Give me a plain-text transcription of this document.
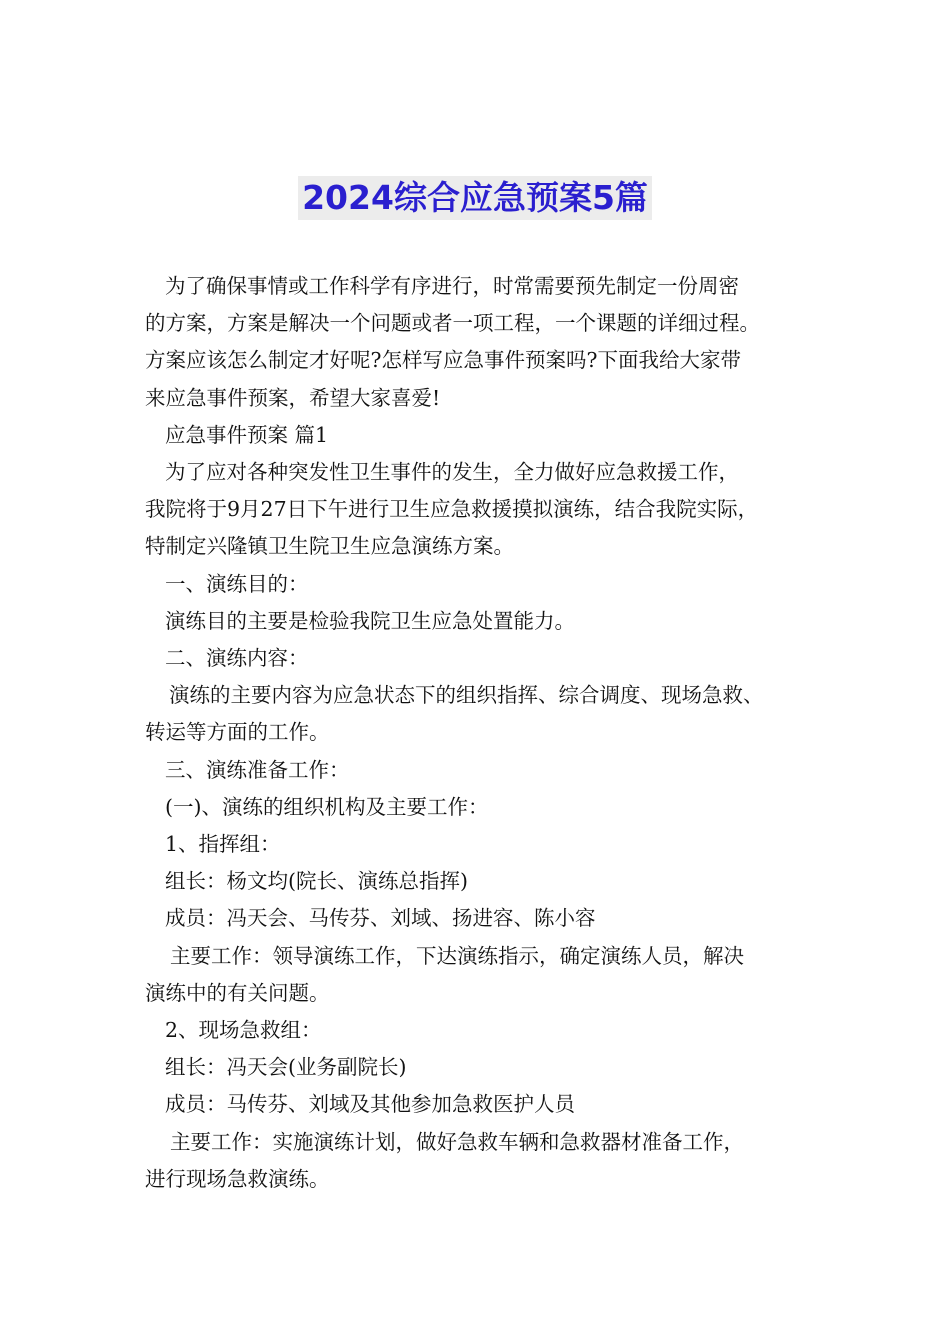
2024综合应急预案5篇

为了确保事情或工作科学有序进行，时常需要预先制定一份周密

的方案，方案是解决一个问题或者一项工程，一个课题的详细过程。

方案应该怎么制定才好呢?怎样写应急事件预案吗?下面我给大家带

来应急事件预案，希望大家喜爱!

应急事件预案 篇1

为了应对各种突发性卫生事件的发生，全力做好应急救援工作，

我院将于9月27日下午进行卫生应急救援摸拟演练，结合我院实际，

特制定兴隆镇卫生院卫生应急演练方案。

一、演练目的：

演练目的主要是检验我院卫生应急处置能力。

二、演练内容：

演练的主要内容为应急状态下的组织指挥、综合调度、现场急救、

转运等方面的工作。

三、演练准备工作：

(一)、演练的组织机构及主要工作：

1、指挥组：

组长：杨文均(院长、演练总指挥)

成员：冯天会、马传芬、刘域、扬进容、陈小容

主要工作：领导演练工作，下达演练指示，确定演练人员，解决

演练中的有关问题。

2、现场急救组：

组长：冯天会(业务副院长)

成员：马传芬、刘域及其他参加急救医护人员

主要工作：实施演练计划，做好急救车辆和急救器材准备工作，

进行现场急救演练。
